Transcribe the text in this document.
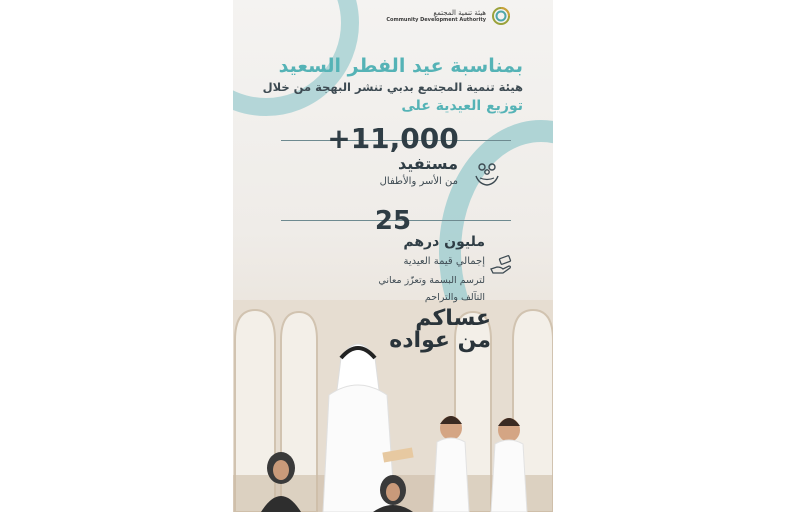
هيئة تنمية المجتمع
Community Development Authority
بمناسبة عيد الفطر السعيد
هيئة تنمية المجتمع بدبي تنشر البهجة من خلال
توزيع العيدية على
+11,000
مستفيد
من الأسر والأطفال
25
مليون درهم
إجمالي قيمة العيدية
لترسم البسمة وتعزّز معاني
التآلف والتراحم
عساكم
من عواده
